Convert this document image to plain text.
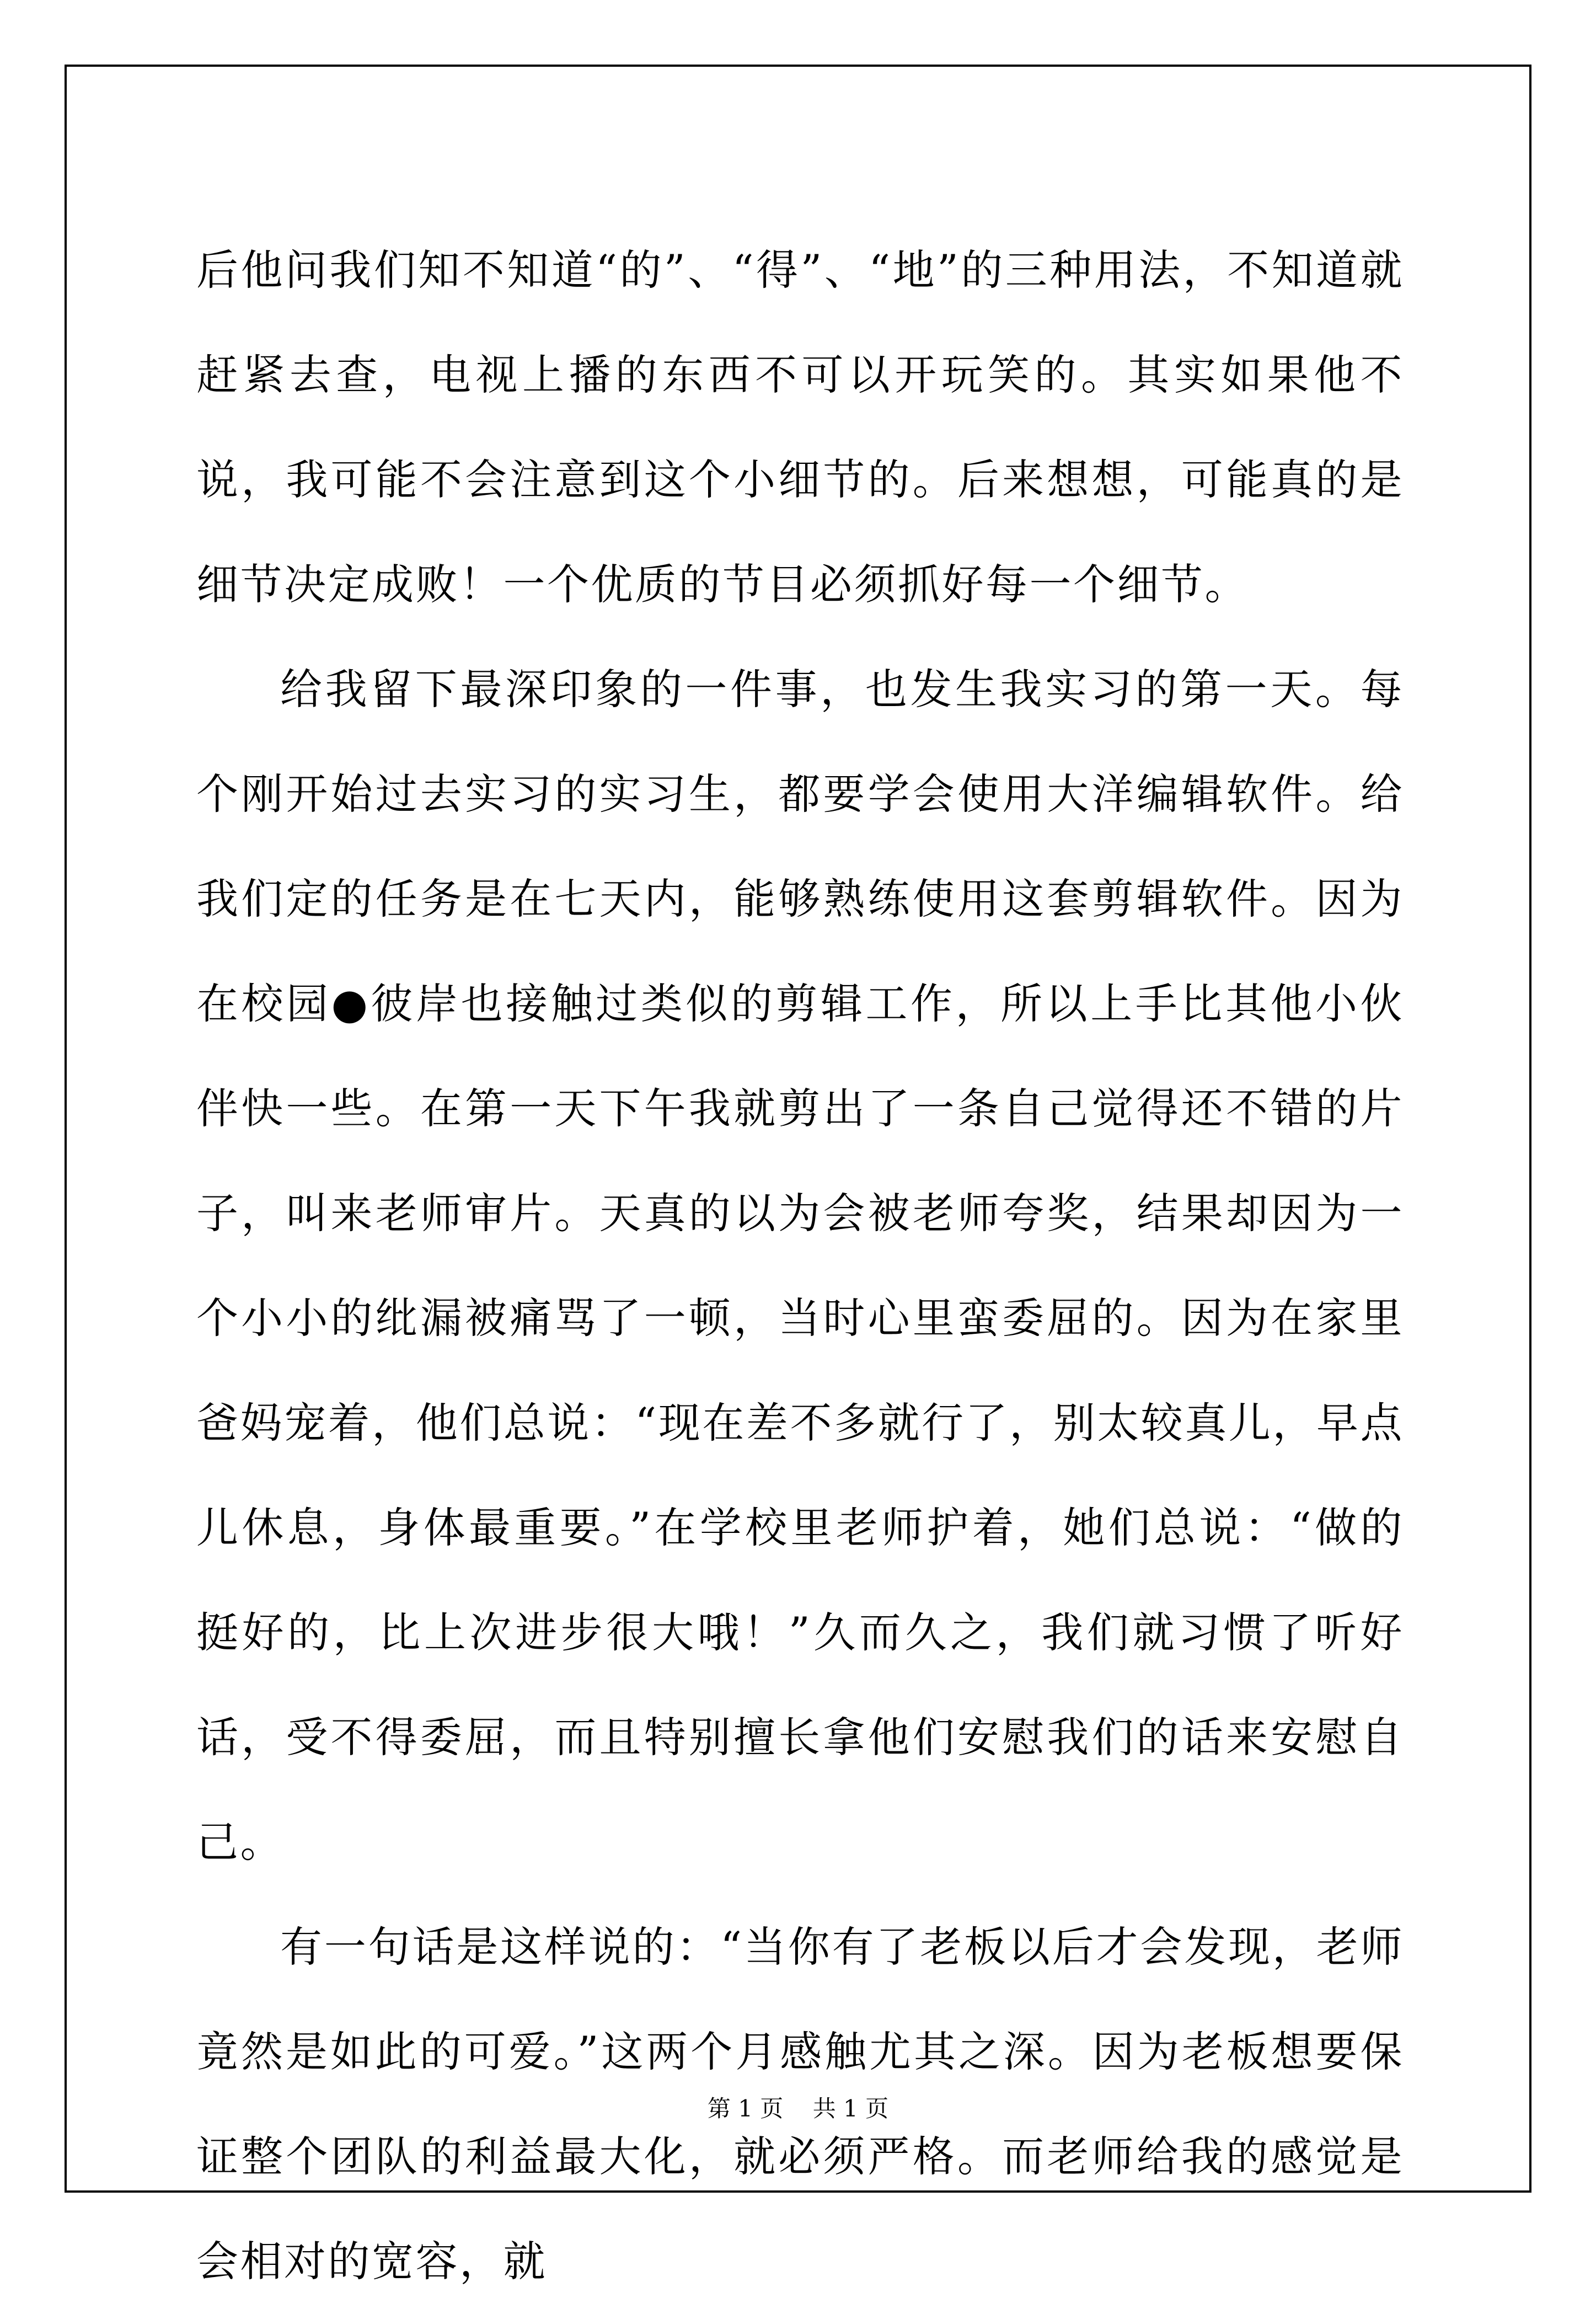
后他问我们知不知道“的”、“得”、“地”的三种用法，不知道就赶紧去查，电视上播的东西不可以开玩笑的。其实如果他不说，我可能不会注意到这个小细节的。后来想想，可能真的是细节决定成败！一个优质的节目必须抓好每一个细节。

给我留下最深印象的一件事，也发生我实习的第一天。每个刚开始过去实习的实习生，都要学会使用大洋编辑软件。给我们定的任务是在七天内，能够熟练使用这套剪辑软件。因为在校园●彼岸也接触过类似的剪辑工作，所以上手比其他小伙伴快一些。在第一天下午我就剪出了一条自己觉得还不错的片子，叫来老师审片。天真的以为会被老师夸奖，结果却因为一个小小的纰漏被痛骂了一顿，当时心里蛮委屈的。因为在家里爸妈宠着，他们总说：“现在差不多就行了，别太较真儿，早点儿休息，身体最重要。”在学校里老师护着，她们总说：“做的挺好的，比上次进步很大哦！”久而久之，我们就习惯了听好话，受不得委屈，而且特别擅长拿他们安慰我们的话来安慰自己。

有一句话是这样说的：“当你有了老板以后才会发现，老师竟然是如此的可爱。”这两个月感触尤其之深。因为老板想要保证整个团队的利益最大化，就必须严格。而老师给我的感觉是会相对的宽容，就

第 1 页 共 1 页
